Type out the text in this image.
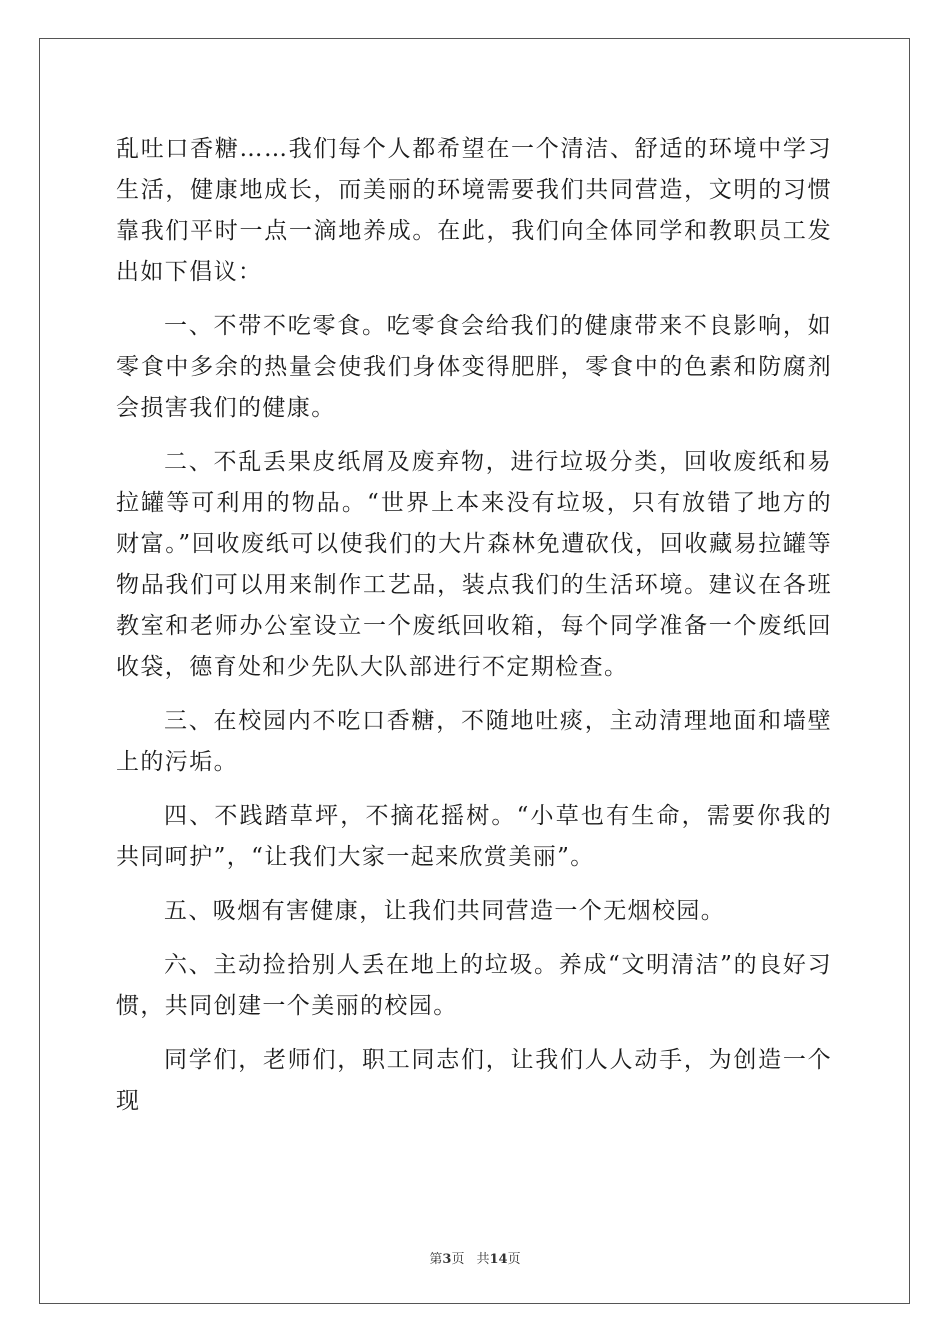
乱吐口香糖……我们每个人都希望在一个清洁、舒适的环境中学习生活，健康地成长，而美丽的环境需要我们共同营造，文明的习惯靠我们平时一点一滴地养成。在此，我们向全体同学和教职员工发出如下倡议：

一、不带不吃零食。吃零食会给我们的健康带来不良影响，如零食中多余的热量会使我们身体变得肥胖，零食中的色素和防腐剂会损害我们的健康。

二、不乱丢果皮纸屑及废弃物，进行垃圾分类，回收废纸和易拉罐等可利用的物品。“世界上本来没有垃圾，只有放错了地方的财富。”回收废纸可以使我们的大片森林免遭砍伐，回收藏易拉罐等物品我们可以用来制作工艺品，装点我们的生活环境。建议在各班教室和老师办公室设立一个废纸回收箱，每个同学准备一个废纸回收袋，德育处和少先队大队部进行不定期检查。

三、在校园内不吃口香糖，不随地吐痰，主动清理地面和墙壁上的污垢。

四、不践踏草坪，不摘花摇树。“小草也有生命，需要你我的共同呵护”，“让我们大家一起来欣赏美丽”。

五、吸烟有害健康，让我们共同营造一个无烟校园。

六、主动捡拾别人丢在地上的垃圾。养成“文明清洁”的良好习惯，共同创建一个美丽的校园。

同学们，老师们，职工同志们，让我们人人动手，为创造一个现

第3页 共14页
